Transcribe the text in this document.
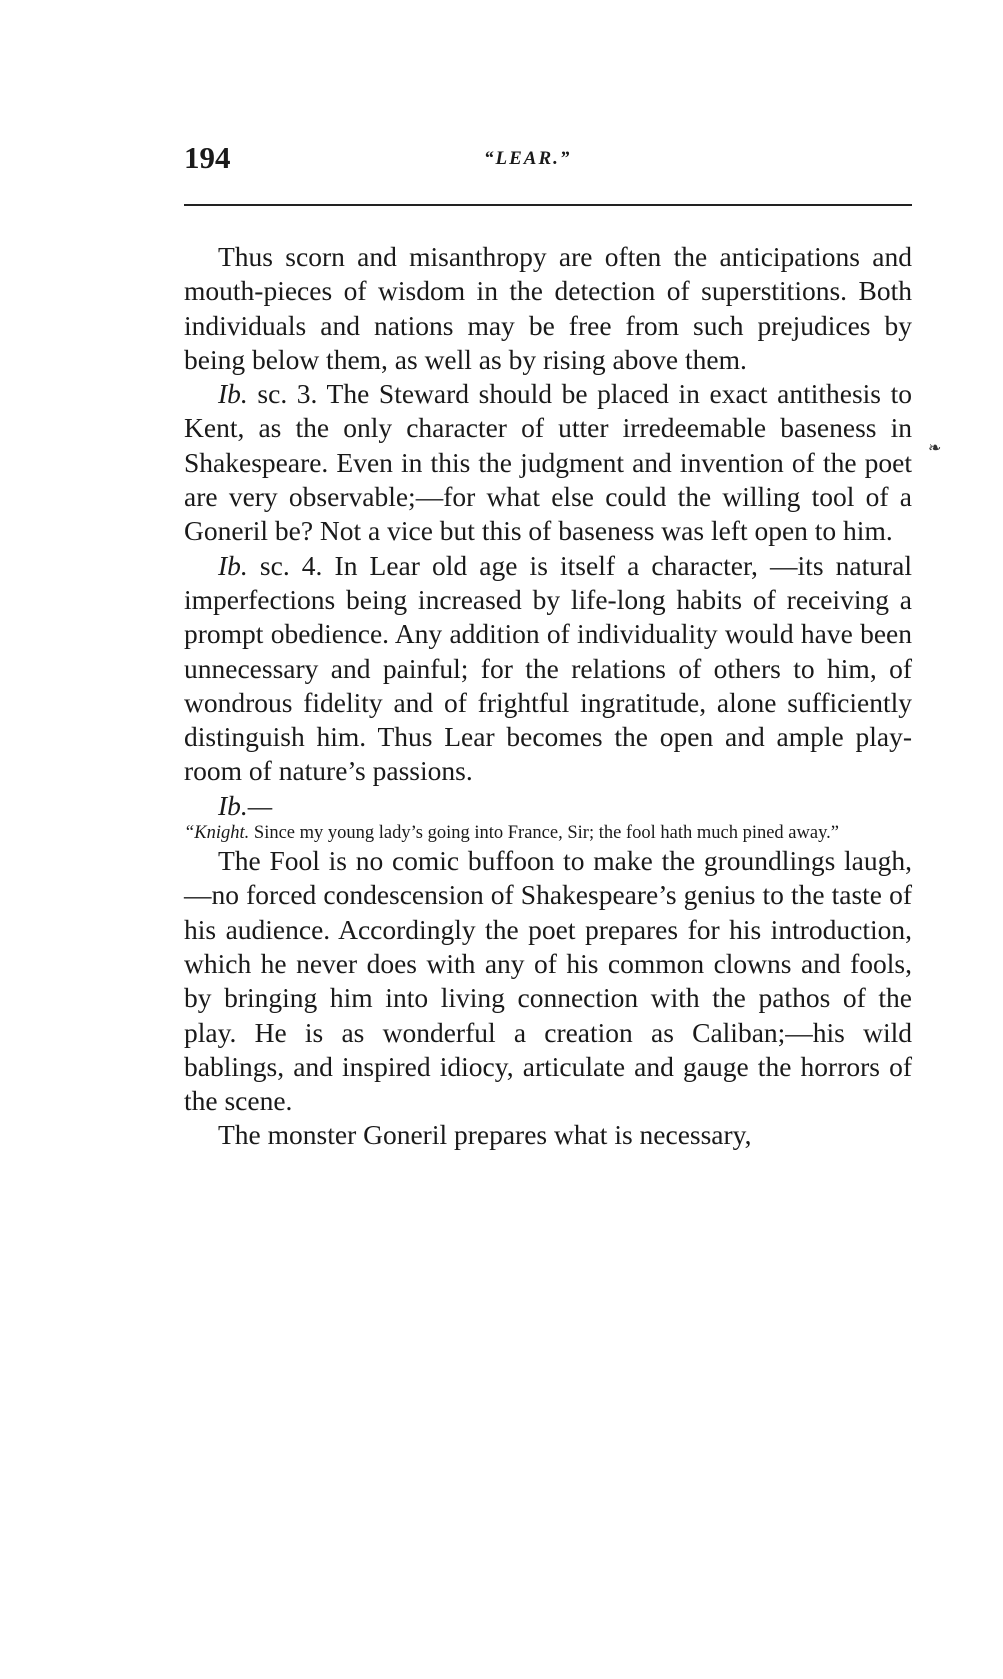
194	“LEAR.”

Thus scorn and misanthropy are often the anticipations and mouth-pieces of wisdom in the detection of superstitions. Both individuals and nations may be free from such prejudices by being below them, as well as by rising above them.

Ib. sc. 3. The Steward should be placed in exact antithesis to Kent, as the only character of utter irredeemable baseness in Shakespeare. Even in this the judgment and invention of the poet are very observable;—for what else could the willing tool of a Goneril be? Not a vice but this of baseness was left open to him.

Ib. sc. 4. In Lear old age is itself a character, —its natural imperfections being increased by life-long habits of receiving a prompt obedience. Any addition of individuality would have been unnecessary and painful; for the relations of others to him, of wondrous fidelity and of frightful ingratitude, alone sufficiently distinguish him. Thus Lear becomes the open and ample play-room of nature’s passions.

Ib.—

“Knight. Since my young lady’s going into France, Sir; the fool hath much pined away.”

The Fool is no comic buffoon to make the groundlings laugh,—no forced condescension of Shakespeare’s genius to the taste of his audience. Accordingly the poet prepares for his introduction, which he never does with any of his common clowns and fools, by bringing him into living connection with the pathos of the play. He is as wonderful a creation as Caliban;—his wild bablings, and inspired idiocy, articulate and gauge the horrors of the scene.

The monster Goneril prepares what is necessary,

❧
